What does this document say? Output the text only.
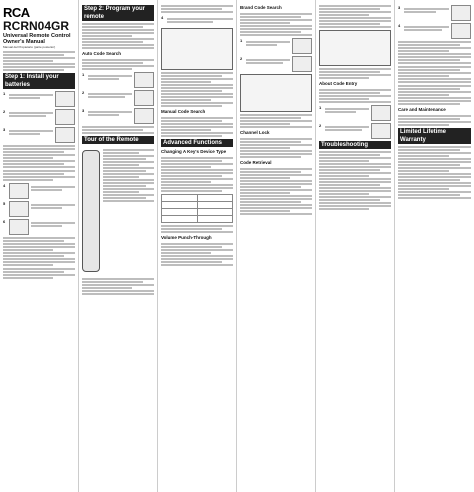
RCA
RCRN04GR
Universal Remote Control
Owner's Manual
Manual del Propietario (parte posterior)
Step 1: Install your batteries
1
2
3
4
5
6
Step 2: Program your remote
Auto Code Search
1
2
3
Tour of the Remote
4
Manual Code Search
Advanced Functions
Changing A Key's Device Type

Volume Punch-Through
Brand Code Search
1
2
Channel Lock
Code Retrieval
About Code Entry
1
2
Troubleshooting
3
4
Care and Maintenance
Limited Lifetime Warranty
